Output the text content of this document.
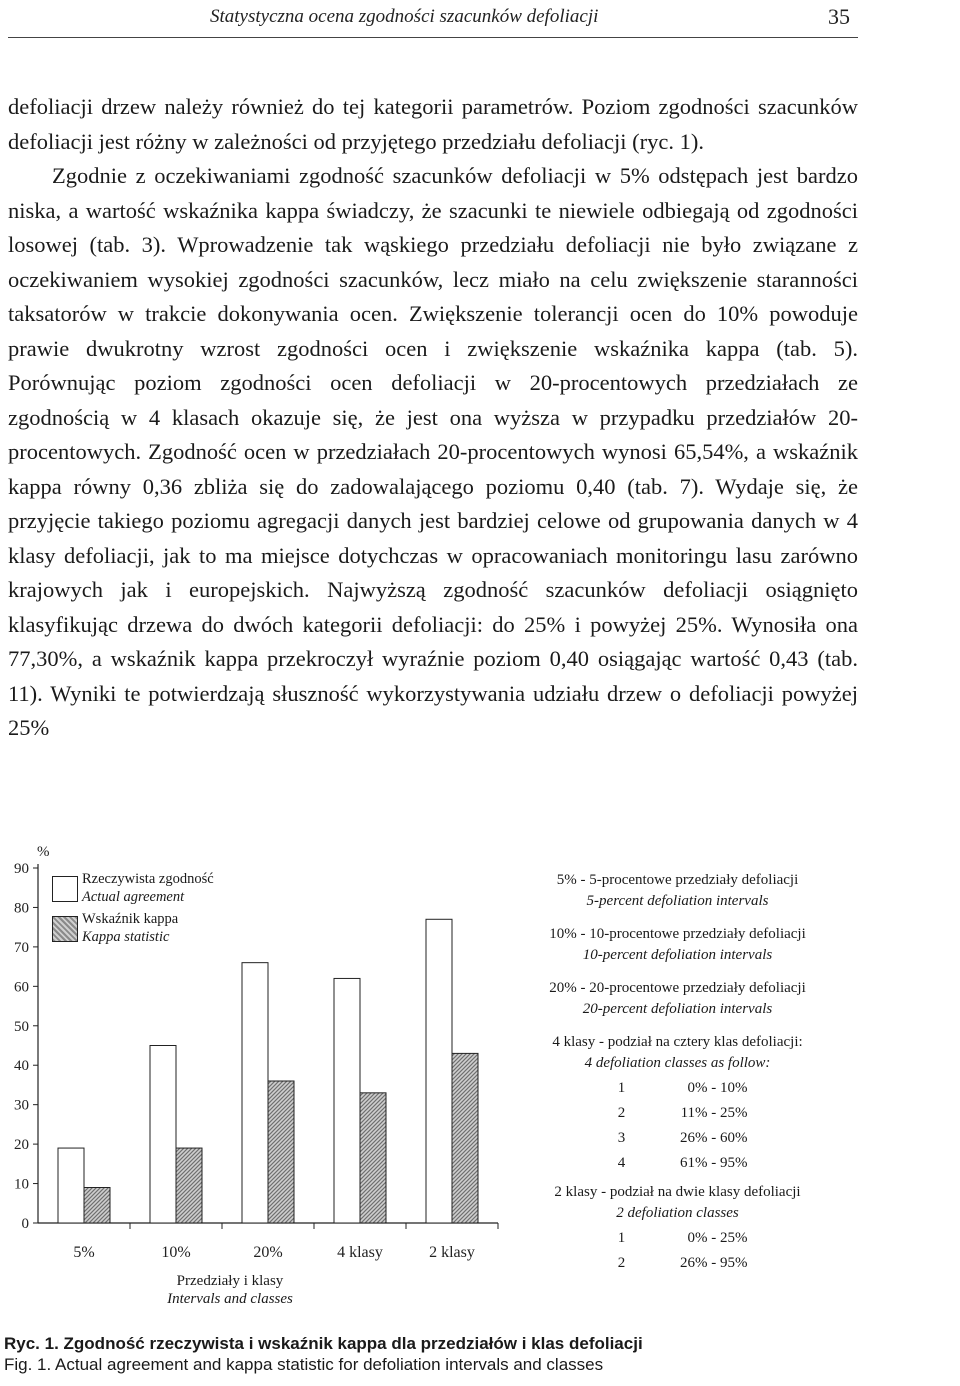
Statystyczna ocena zgodności szacunków defoliacji	35

defoliacji drzew należy również do tej kategorii parametrów. Poziom zgodności szacunków defoliacji jest różny w zależności od przyjętego przedziału defoliacji (ryc. 1).

Zgodnie z oczekiwaniami zgodność szacunków defoliacji w 5% odstępach jest bardzo niska, a wartość wskaźnika kappa świadczy, że szacunki te niewiele odbiegają od zgodności losowej (tab. 3). Wprowadzenie tak wąskiego przedziału defoliacji nie było związane z oczekiwaniem wysokiej zgodności szacunków, lecz miało na celu zwiększenie staranności taksatorów w trakcie dokonywania ocen. Zwiększenie tolerancji ocen do 10% powoduje prawie dwukrotny wzrost zgodności ocen i zwiększenie wskaźnika kappa (tab. 5). Porównując poziom zgodności ocen defoliacji w 20-procentowych przedziałach ze zgodnością w 4 klasach okazuje się, że jest ona wyższa w przypadku przedziałów 20-procentowych. Zgodność ocen w przedziałach 20-procentowych wynosi 65,54%, a wskaźnik kappa równy 0,36 zbliża się do zadowalającego poziomu 0,40 (tab. 7). Wydaje się, że przyjęcie takiego poziomu agregacji danych jest bardziej celowe od grupowania danych w 4 klasy defoliacji, jak to ma miejsce dotychczas w opracowaniach monitoringu lasu zarówno krajowych jak i europejskich. Najwyższą zgodność szacunków defoliacji osiągnięto klasyfikując drzewa do dwóch kategorii defoliacji: do 25% i powyżej 25%. Wynosiła ona 77,30%, a wskaźnik kappa przekroczył wyraźnie poziom 0,40 osiągając wartość 0,43 (tab. 11). Wyniki te potwierdzają słuszność wykorzystywania udziału drzew o defoliacji powyżej 25%

%
0
10
20
30
40
50
60
70
80
90
5%	10%	20%	4 klasy	2 klasy
Rzeczywista zgodność
Actual agreement
Wskaźnik kappa
Kappa statistic
Przedziały i klasy
Intervals and classes
5% - 5-procentowe przedziały defoliacji
5-percent defoliation intervals
10% - 10-procentowe przedziały defoliacji
10-percent defoliation intervals
20% - 20-procentowe przedziały defoliacji
20-percent defoliation intervals
4 klasy - podział na cztery klas defoliacji:
4 defoliation classes as follow:
1	0% - 10%
2	11% - 25%
3	26% - 60%
4	61% - 95%
2 klasy - podział na dwie klasy defoliacji
2 defoliation classes
1	0% - 25%
2	26% - 95%
Ryc. 1. Zgodność rzeczywista i wskaźnik kappa dla przedziałów i klas defoliacji
Fig. 1. Actual agreement and kappa statistic for defoliation intervals and classes
